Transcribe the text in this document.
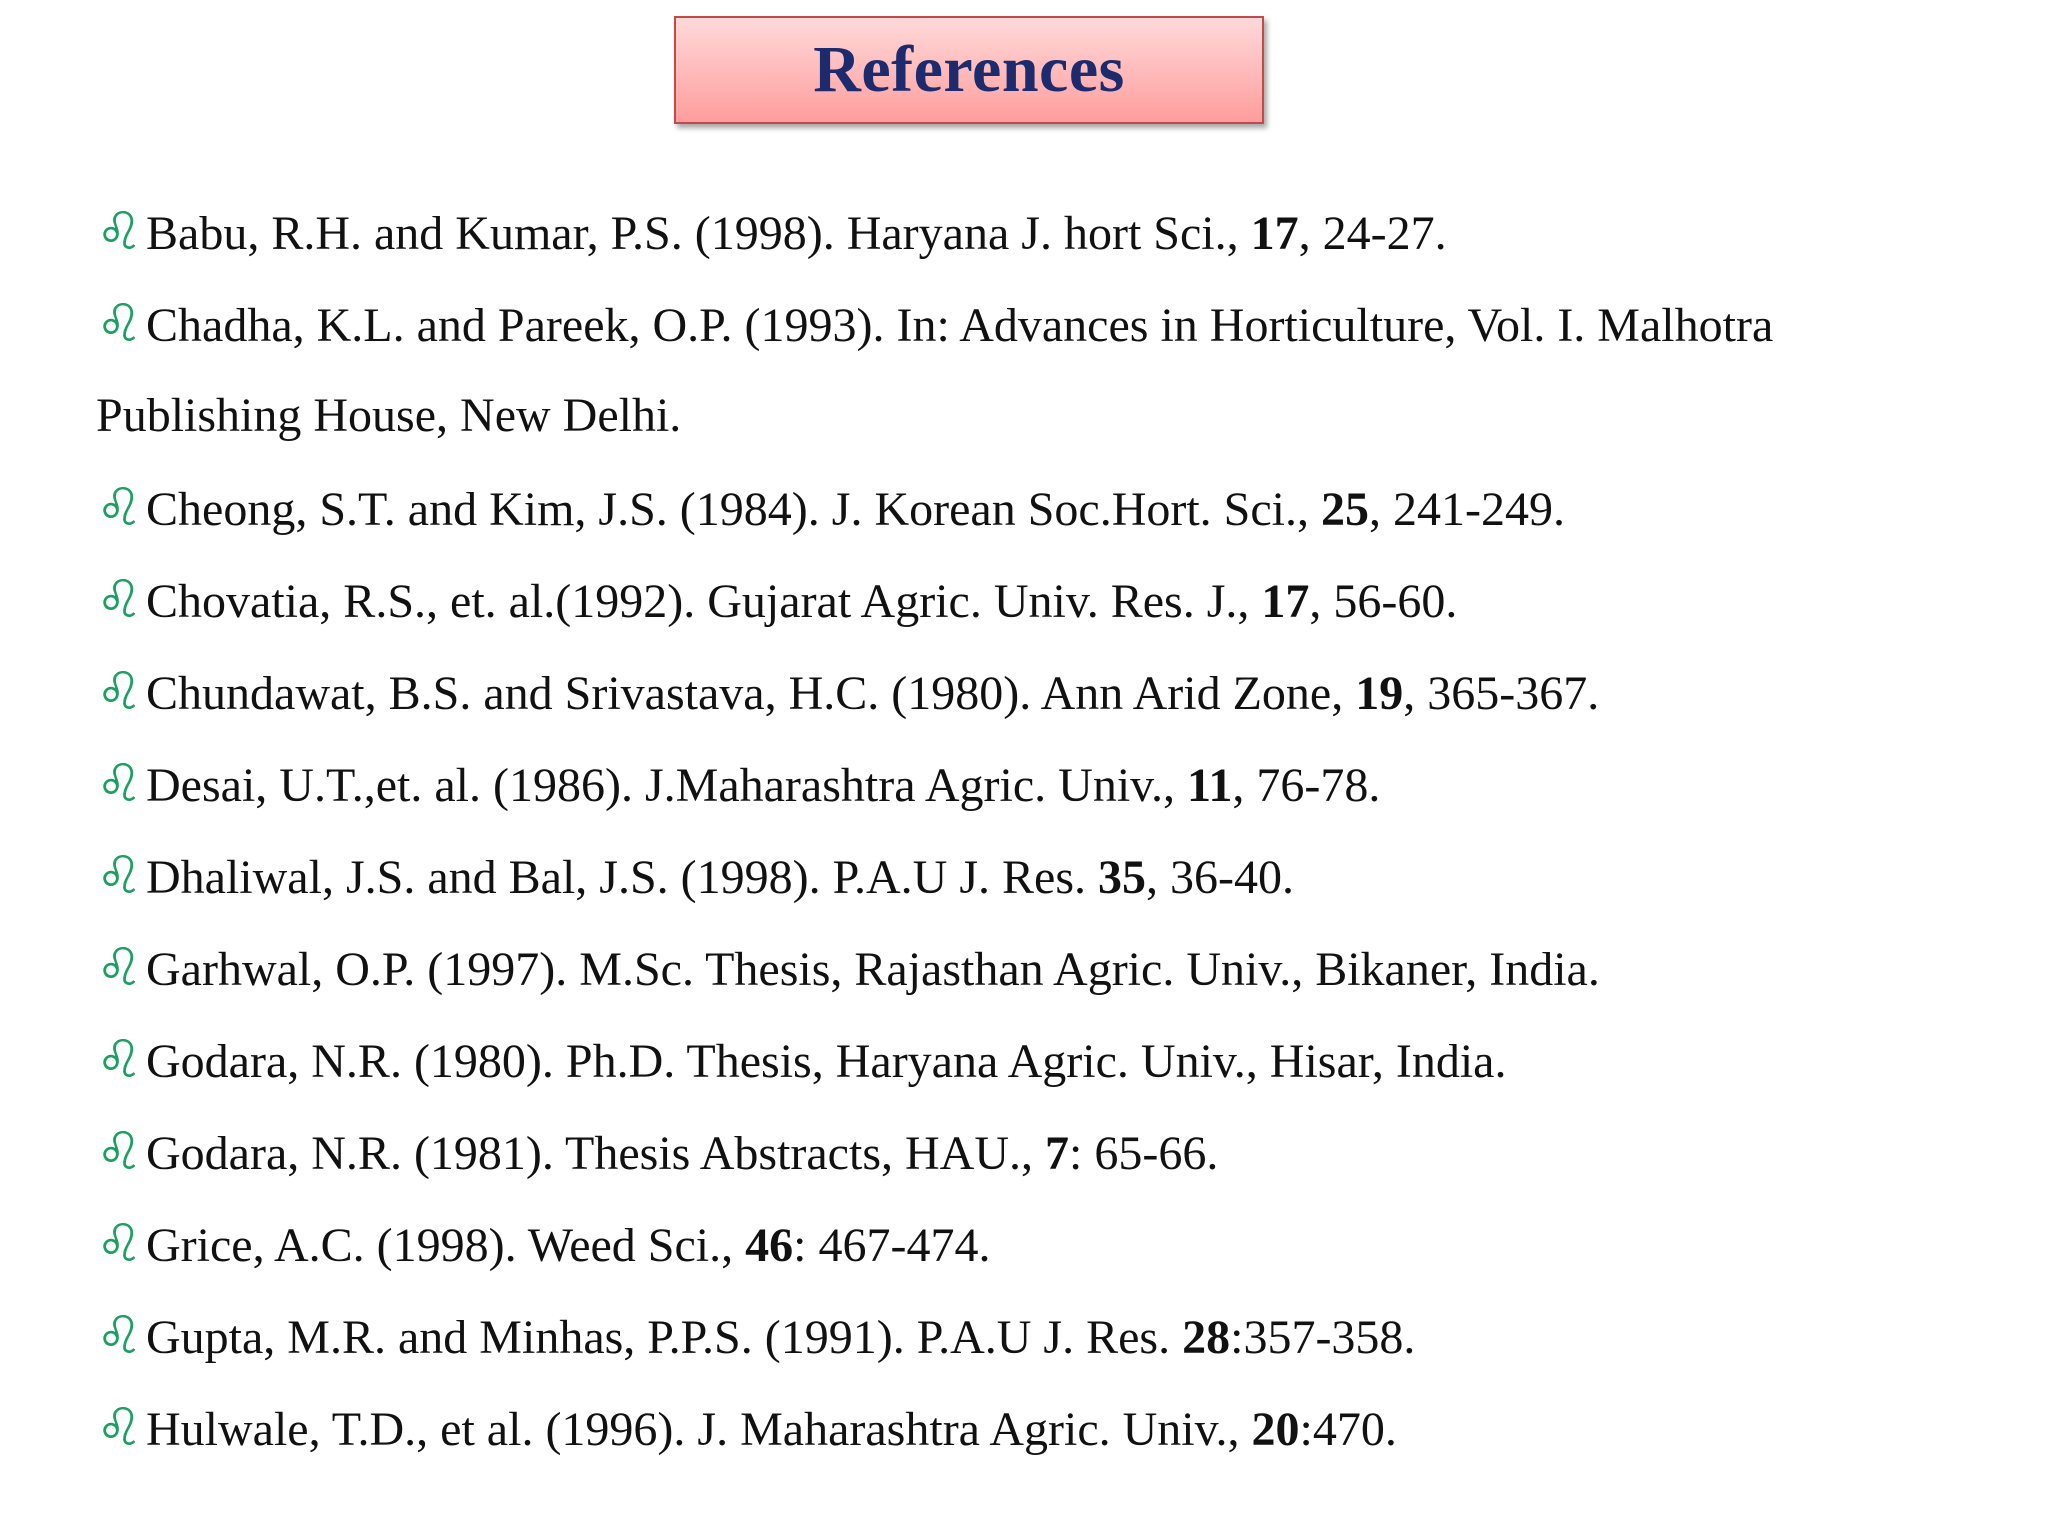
References
♌Babu, R.H. and Kumar, P.S. (1998). Haryana J. hort Sci., 17, 24-27.
♌Chadha, K.L. and Pareek, O.P. (1993). In: Advances in Horticulture, Vol. I. Malhotra
Publishing House, New Delhi.
♌Cheong, S.T. and Kim, J.S. (1984). J. Korean Soc.Hort. Sci., 25, 241-249.
♌Chovatia, R.S., et. al.(1992). Gujarat Agric. Univ. Res. J., 17, 56-60.
♌Chundawat, B.S. and Srivastava, H.C. (1980). Ann Arid Zone, 19, 365-367.
♌Desai, U.T.,et. al. (1986). J.Maharashtra Agric. Univ., 11, 76-78.
♌Dhaliwal, J.S. and Bal, J.S. (1998). P.A.U J. Res. 35, 36-40.
♌Garhwal, O.P. (1997). M.Sc. Thesis, Rajasthan Agric. Univ., Bikaner, India.
♌Godara, N.R. (1980). Ph.D. Thesis, Haryana Agric. Univ., Hisar, India.
♌Godara, N.R. (1981). Thesis Abstracts, HAU., 7: 65-66.
♌Grice, A.C. (1998). Weed Sci., 46: 467-474.
♌Gupta, M.R. and Minhas, P.P.S. (1991). P.A.U J. Res. 28:357-358.
♌Hulwale, T.D., et al. (1996). J. Maharashtra Agric. Univ., 20:470.
